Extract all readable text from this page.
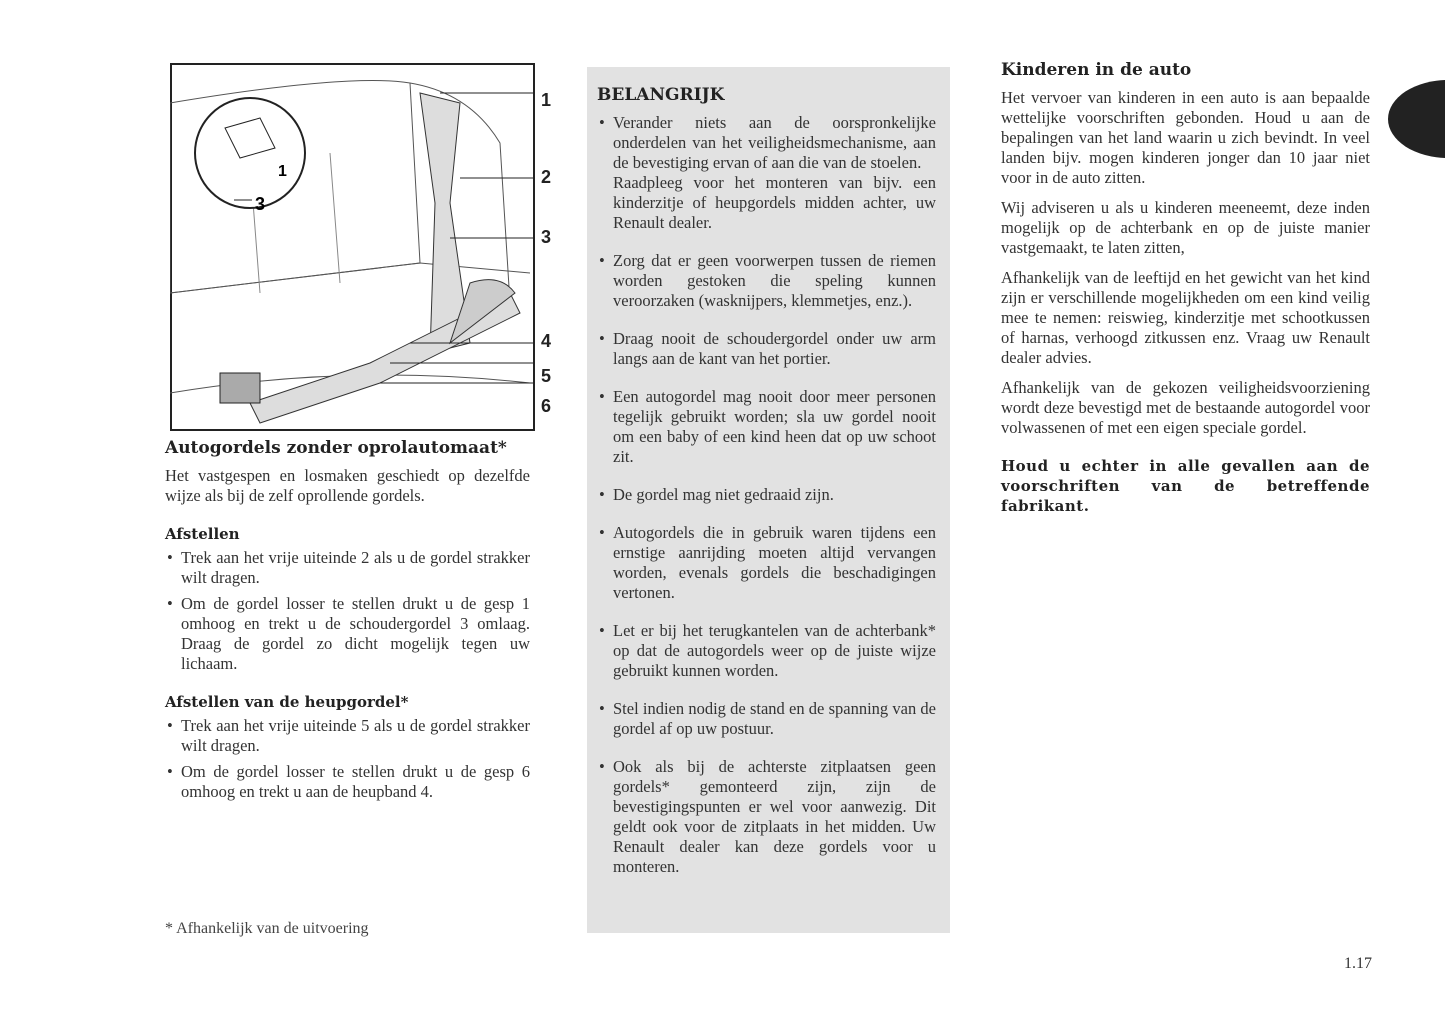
1
3
1
2
3
4
5
6
Autogordels zonder oprolautomaat*

Het vastgespen en losmaken geschiedt op dezelfde wijze als bij de zelf oprollende gordels.

Afstellen
• Trek aan het vrije uiteinde 2 als u de gordel strakker wilt dragen.
• Om de gordel losser te stellen drukt u de gesp 1 omhoog en trekt u de schoudergordel 3 omlaag. Draag de gordel zo dicht mogelijk tegen uw lichaam.
Afstellen van de heupgordel*
• Trek aan het vrije uiteinde 5 als u de gordel strakker wilt dragen.
• Om de gordel losser te stellen drukt u de gesp 6 omhoog en trekt u aan de heupband 4.
* Afhankelijk van de uitvoering
BELANGRIJK
• Verander niets aan de oorspronkelijke onderdelen van het veiligheidsmechanisme, aan de bevestiging ervan of aan die van de stoelen.
Raadpleeg voor het monteren van bijv. een kinderzitje of heupgordels midden achter, uw Renault dealer.
• Zorg dat er geen voorwerpen tussen de riemen worden gestoken die speling kunnen veroorzaken (wasknijpers, klemmetjes, enz.).
• Draag nooit de schoudergordel onder uw arm langs aan de kant van het portier.
• Een autogordel mag nooit door meer personen tegelijk gebruikt worden; sla uw gordel nooit om een baby of een kind heen dat op uw schoot zit.
• De gordel mag niet gedraaid zijn.
• Autogordels die in gebruik waren tijdens een ernstige aanrijding moeten altijd vervangen worden, evenals gordels die beschadigingen vertonen.
• Let er bij het terugkantelen van de achterbank* op dat de autogordels weer op de juiste wijze gebruikt kunnen worden.
• Stel indien nodig de stand en de spanning van de gordel af op uw postuur.
• Ook als bij de achterste zitplaatsen geen gordels* gemonteerd zijn, zijn de bevestigingspunten er wel voor aanwezig. Dit geldt ook voor de zitplaats in het midden. Uw Renault dealer kan deze gordels voor u monteren.
Kinderen in de auto

Het vervoer van kinderen in een auto is aan bepaalde wettelijke voorschriften gebonden. Houd u aan de bepalingen van het land waarin u zich bevindt. In veel landen bijv. mogen kinderen jonger dan 10 jaar niet voor in de auto zitten.

Wij adviseren u als u kinderen meeneemt, deze inden mogelijk op de achterbank en op de juiste manier vastgemaakt, te laten zitten,

Afhankelijk van de leeftijd en het gewicht van het kind zijn er verschillende mogelijkheden om een kind veilig mee te nemen: reiswieg, kinderzitje met schootkussen of harnas, verhoogd zitkussen enz. Vraag uw Renault dealer advies.

Afhankelijk van de gekozen veiligheidsvoorziening wordt deze bevestigd met de bestaande autogordel voor volwassenen of met een eigen speciale gordel.

Houd u echter in alle gevallen aan de voorschriften van de betreffende fabrikant.

1.17
